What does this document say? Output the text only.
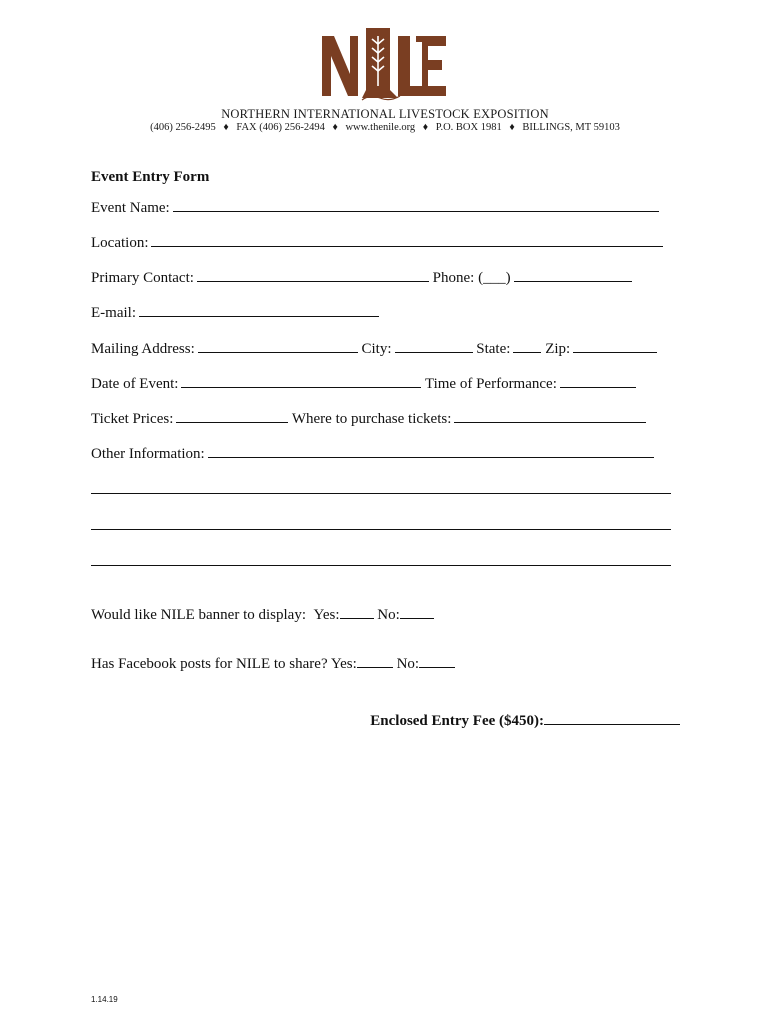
NORTHERN INTERNATIONAL LIVESTOCK EXPOSITION
(406) 256-2495 ♦ FAX (406) 256-2494 ♦ www.thenile.org ♦ P.O. BOX 1981 ♦ BILLINGS, MT 59103
Event Entry Form
Event Name:
Location:
Primary Contact:	Phone: (___)
E-mail:
Mailing Address:	City:	State: Zip:
Date of Event:	Time of Performance:
Ticket Prices:	Where to purchase tickets:
Other Information:
Would like NILE banner to display: Yes:	No:
Has Facebook posts for NILE to share? Yes:	No:
Enclosed Entry Fee ($450):
1.14.19
